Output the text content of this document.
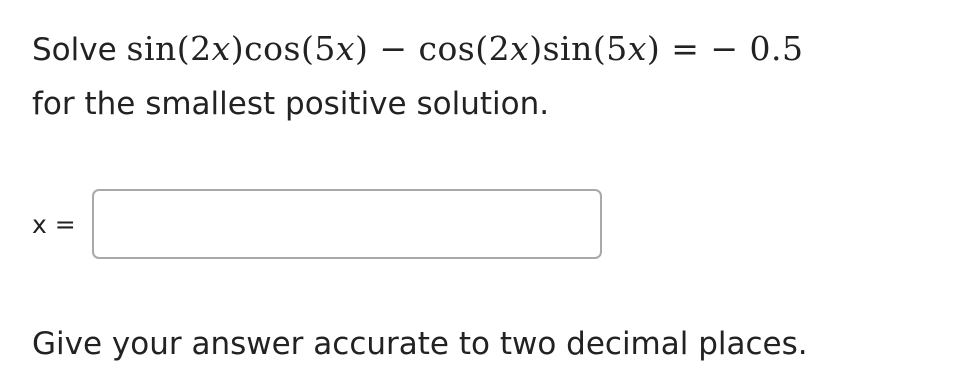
Solve sin(2x)cos(5x) − cos(2x)sin(5x) = − 0.5
for the smallest positive solution.
x =
Give your answer accurate to two decimal places.
